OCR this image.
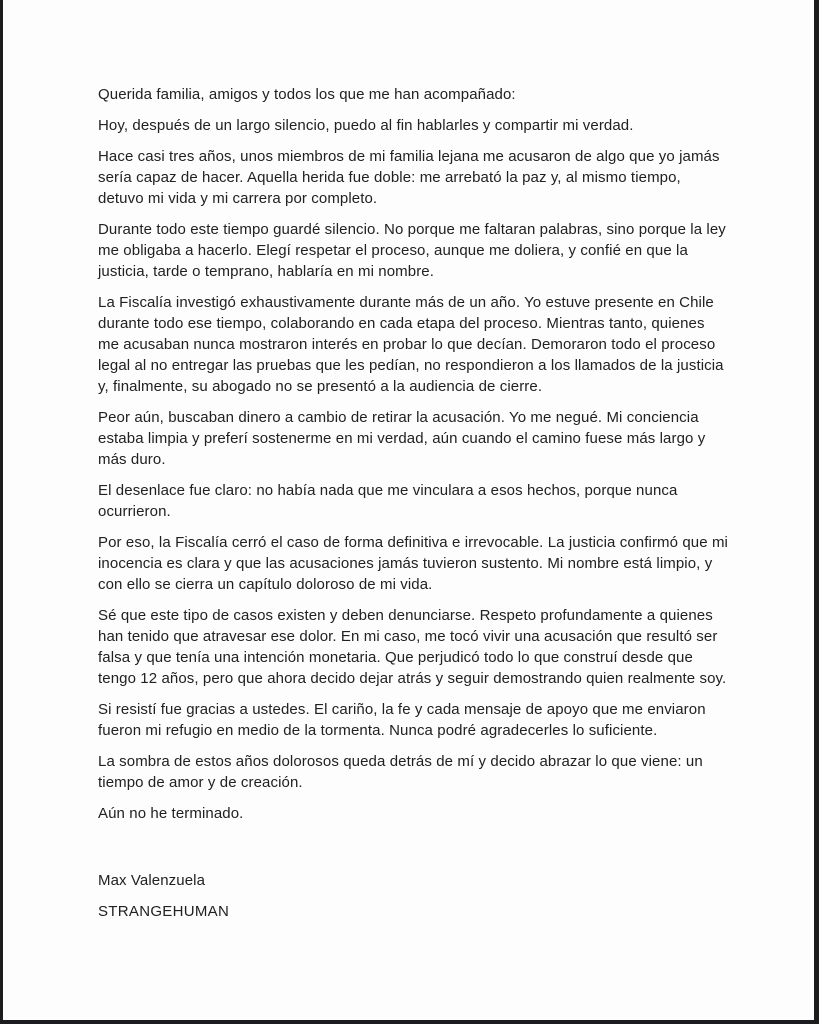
Querida familia, amigos y todos los que me han acompañado:

Hoy, después de un largo silencio, puedo al fin hablarles y compartir mi verdad.

Hace casi tres años, unos miembros de mi familia lejana me acusaron de algo que yo jamás sería capaz de hacer. Aquella herida fue doble: me arrebató la paz y, al mismo tiempo, detuvo mi vida y mi carrera por completo.

Durante todo este tiempo guardé silencio. No porque me faltaran palabras, sino porque la ley me obligaba a hacerlo. Elegí respetar el proceso, aunque me doliera, y confié en que la justicia, tarde o temprano, hablaría en mi nombre.

La Fiscalía investigó exhaustivamente durante más de un año. Yo estuve presente en Chile durante todo ese tiempo, colaborando en cada etapa del proceso. Mientras tanto, quienes me acusaban nunca mostraron interés en probar lo que decían. Demoraron todo el proceso legal al no entregar las pruebas que les pedían, no respondieron a los llamados de la justicia y, finalmente, su abogado no se presentó a la audiencia de cierre.

Peor aún, buscaban dinero a cambio de retirar la acusación. Yo me negué. Mi conciencia estaba limpia y preferí sostenerme en mi verdad, aún cuando el camino fuese más largo y más duro.

El desenlace fue claro: no había nada que me vinculara a esos hechos, porque nunca ocurrieron.

Por eso, la Fiscalía cerró el caso de forma definitiva e irrevocable. La justicia confirmó que mi inocencia es clara y que las acusaciones jamás tuvieron sustento. Mi nombre está limpio, y con ello se cierra un capítulo doloroso de mi vida.

Sé que este tipo de casos existen y deben denunciarse. Respeto profundamente a quienes han tenido que atravesar ese dolor. En mi caso, me tocó vivir una acusación que resultó ser falsa y que tenía una intención monetaria. Que perjudicó todo lo que construí desde que tengo 12 años, pero que ahora decido dejar atrás y seguir demostrando quien realmente soy.

Si resistí fue gracias a ustedes. El cariño, la fe y cada mensaje de apoyo que me enviaron fueron mi refugio en medio de la tormenta. Nunca podré agradecerles lo suficiente.

La sombra de estos años dolorosos queda detrás de mí y decido abrazar lo que viene: un tiempo de amor y de creación.

Aún no he terminado.

Max Valenzuela

STRANGEHUMAN
